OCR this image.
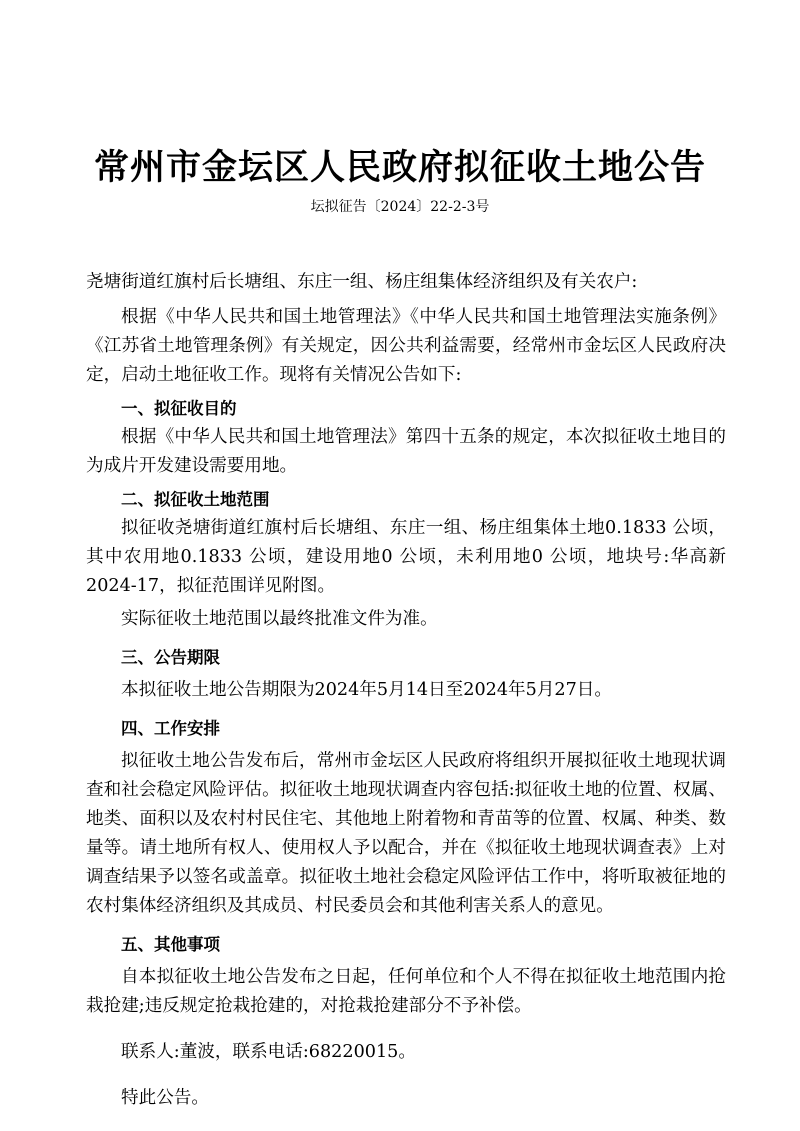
常州市金坛区人民政府拟征收土地公告
坛拟征告〔2024〕22-2-3号

尧塘街道红旗村后长塘组、东庄一组、杨庄组集体经济组织及有关农户:

根据《中华人民共和国土地管理法》《中华人民共和国土地管理法实施条例》《江苏省土地管理条例》有关规定，因公共利益需要，经常州市金坛区人民政府决定，启动土地征收工作。现将有关情况公告如下:

一、拟征收目的

根据《中华人民共和国土地管理法》第四十五条的规定，本次拟征收土地目的为成片开发建设需要用地。

二、拟征收土地范围

拟征收尧塘街道红旗村后长塘组、东庄一组、杨庄组集体土地0.1833 公顷，其中农用地0.1833 公顷，建设用地0 公顷，未利用地0 公顷，地块号:华高新2024-17，拟征范围详见附图。

实际征收土地范围以最终批准文件为准。

三、公告期限

本拟征收土地公告期限为2024年5月14日至2024年5月27日。

四、工作安排

拟征收土地公告发布后，常州市金坛区人民政府将组织开展拟征收土地现状调查和社会稳定风险评估。拟征收土地现状调查内容包括:拟征收土地的位置、权属、地类、面积以及农村村民住宅、其他地上附着物和青苗等的位置、权属、种类、数量等。请土地所有权人、使用权人予以配合，并在《拟征收土地现状调查表》上对调查结果予以签名或盖章。拟征收土地社会稳定风险评估工作中，将听取被征地的农村集体经济组织及其成员、村民委员会和其他利害关系人的意见。

五、其他事项

自本拟征收土地公告发布之日起，任何单位和个人不得在拟征收土地范围内抢栽抢建;违反规定抢栽抢建的，对抢栽抢建部分不予补偿。

联系人:董波，联系电话:68220015。

特此公告。
